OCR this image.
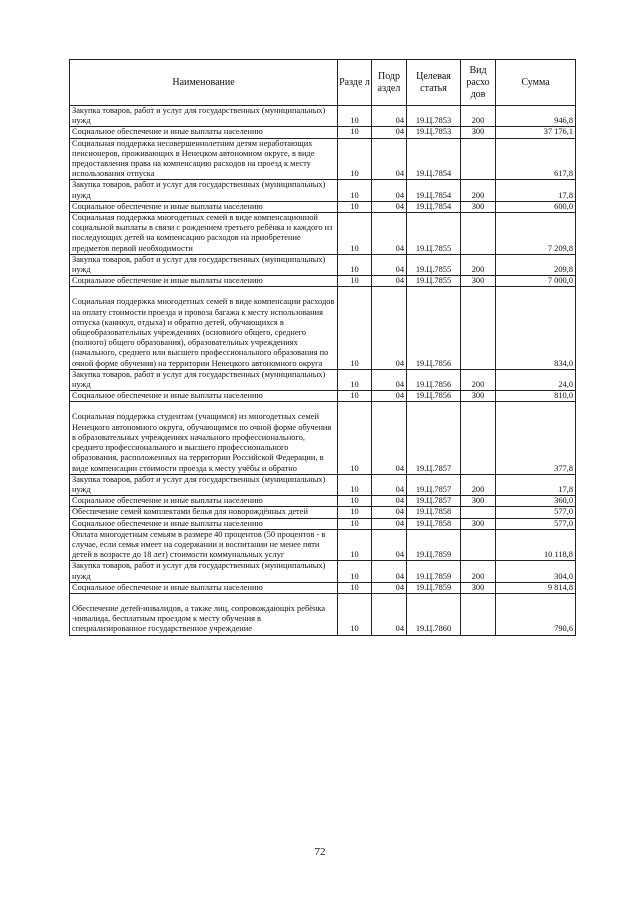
Наименование	Разде л	Подр аздел	Целевая статья	Вид расхо дов	Сумма
Закупка товаров, работ и услуг для государственных (муниципальных) нужд	10	04	19.Ц.7853	200	946,8
Социальное обеспечение и иные выплаты населению	10	04	19.Ц.7853	300	37 176,1
Социальная поддержка несовершеннолетним детям неработающих пенсионеров, проживающих в Ненецком автономном округе, в виде предоставления права на компенсацию расходов на проезд к месту использования отпуска	10	04	19.Ц.7854		617,8
Закупка товаров, работ и услуг для государственных (муниципальных) нужд	10	04	19.Ц.7854	200	17,8
Социальное обеспечение и иные выплаты населению	10	04	19.Ц.7854	300	600,0
Социальная поддержка многодетных семей в виде компенсационной социальной выплаты в связи с рождением третьего ребёнка и каждого из последующих детей на компенсацию расходов на приобретение предметов первой необходимости	10	04	19.Ц.7855		7 209,8
Закупка товаров, работ и услуг для государственных (муниципальных) нужд	10	04	19.Ц.7855	200	209,8
Социальное обеспечение и иные выплаты населению	10	04	19.Ц.7855	300	7 000,0
Социальная поддержка многодетных семей в виде компенсации расходов на оплату стоимости проезда и провоза багажа к месту использования отпуска (каникул, отдыха) и обратно детей, обучающихся в общеобразовательных учреждениях (основного общего, среднего (полного) общего образования), образовательных учреждениях (начального, среднего или высшего профессионального образования по очной форме обучения) на территории Ненецкого автономного округа	10	04	19.Ц.7856		834,0
Закупка товаров, работ и услуг для государственных (муниципальных) нужд	10	04	19.Ц.7856	200	24,0
Социальное обеспечение и иные выплаты населению	10	04	19.Ц.7856	300	810,0
Социальная поддержка студентам (учащимся) из многодетных семей Ненецкого автономного округа, обучающимся по очной форме обучения в образовательных учреждениях начального профессионального, среднего профессионального и высшего профессионального образования, расположенных на территории Российской Федерации, в виде компенсации стоимости проезда к месту учёбы и обратно	10	04	19.Ц.7857		377,8
Закупка товаров, работ и услуг для государственных (муниципальных) нужд	10	04	19.Ц.7857	200	17,8
Социальное обеспечение и иные выплаты населению	10	04	19.Ц.7857	300	360,0
Обеспечение семей комплектами белья для новорождённых детей	10	04	19.Ц.7858		577,0
Социальное обеспечение и иные выплаты населению	10	04	19.Ц.7858	300	577,0
Оплата многодетным семьям в размере 40 процентов (50 процентов - в случае, если семья имеет на содержании и воспитании не менее пяти детей в возрасте до 18 лет) стоимости коммунальных услуг	10	04	19.Ц.7859		10 118,8
Закупка товаров, работ и услуг для государственных (муниципальных) нужд	10	04	19.Ц.7859	200	304,0
Социальное обеспечение и иные выплаты населению	10	04	19.Ц.7859	300	9 814,8
Обеспечение детей-инвалидов, а также лиц, сопровождающих ребёнка -инвалида, бесплатным проездом к месту обучения в специализированное государственное учреждение	10	04	19.Ц.7860		790,6
72
